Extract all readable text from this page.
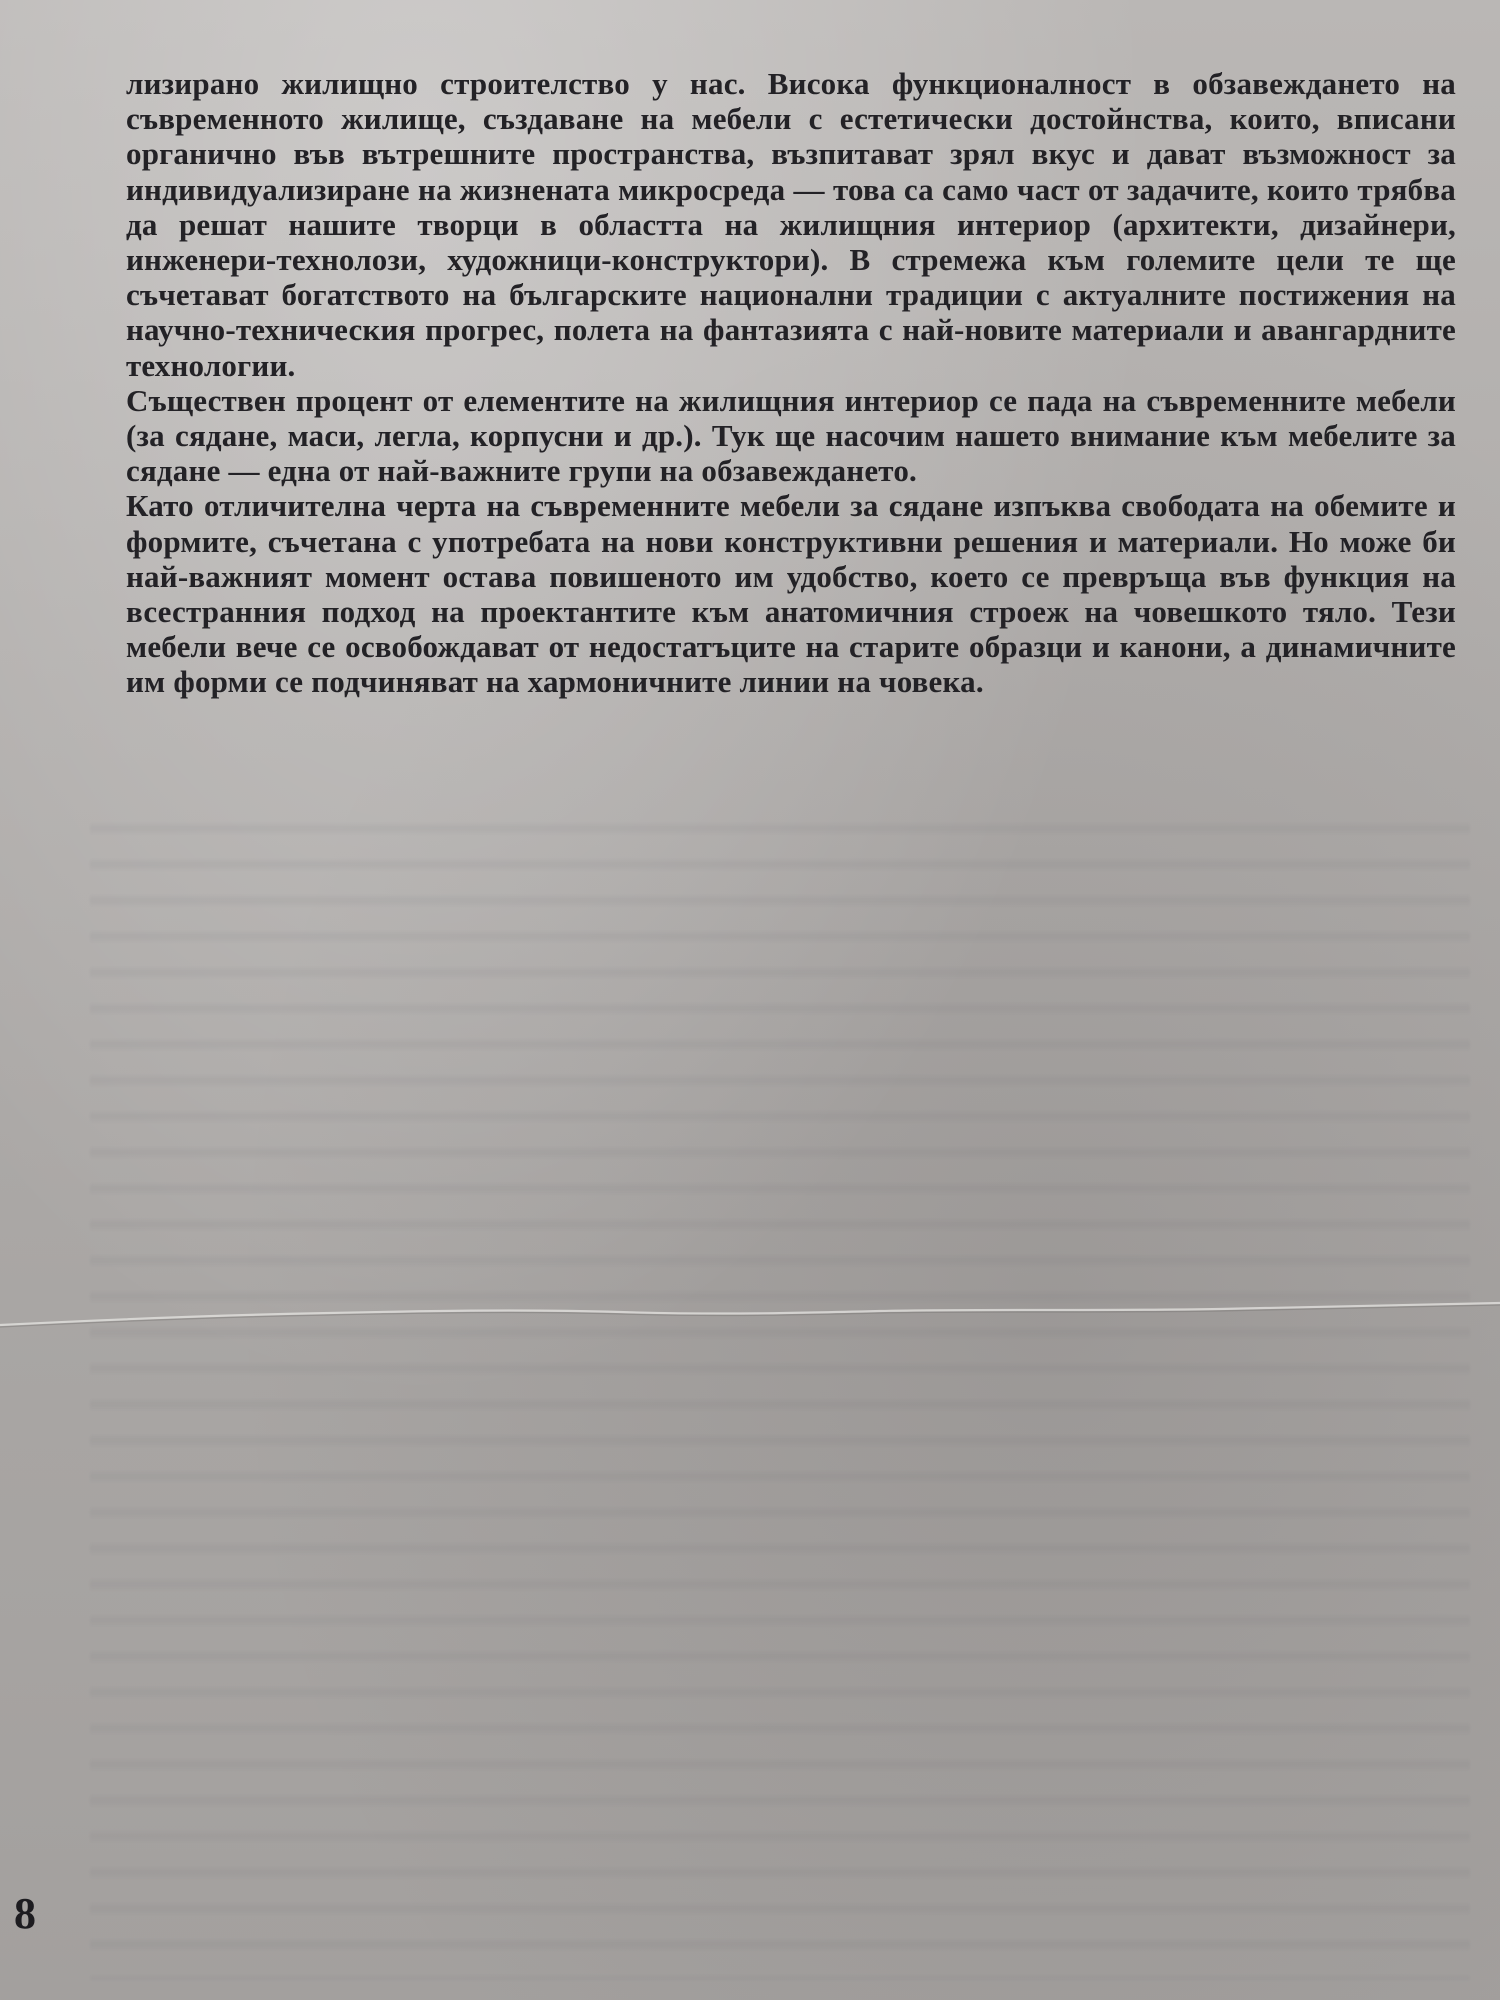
лизирано жилищно строителство у нас. Висока функционалност в обзавеждането на съвременното жилище, създаване на мебели с естетически достойнства, които, вписани органично във вътрешните пространства, възпитават зрял вкус и дават възможност за индивидуализиране на жизнената микросреда — това са само част от задачите, които трябва да решат нашите творци в областта на жилищния интериор (архитекти, дизайнери, инженери-технолози, художници-конструктори). В стремежа към големите цели те ще съчетават богатството на българските национални традиции с актуалните постижения на научно-техническия прогрес, полета на фантазията с най-новите материали и авангардните технологии.

Съществен процент от елементите на жилищния интериор се пада на съвременните мебели (за сядане, маси, легла, корпусни и др.). Тук ще насочим нашето внимание към мебелите за сядане — една от най-важните групи на обзавеждането.

Като отличителна черта на съвременните мебели за сядане изпъква свободата на обемите и формите, съчетана с употребата на нови конструктивни решения и материали. Но може би най-важният момент остава повишеното им удобство, което се превръща във функция на всестранния подход на проектантите към анатомичния строеж на човешкото тяло. Тези мебели вече се освобождават от недостатъците на старите образци и канони, а динамичните им форми се подчиняват на хармоничните линии на човека.

8
